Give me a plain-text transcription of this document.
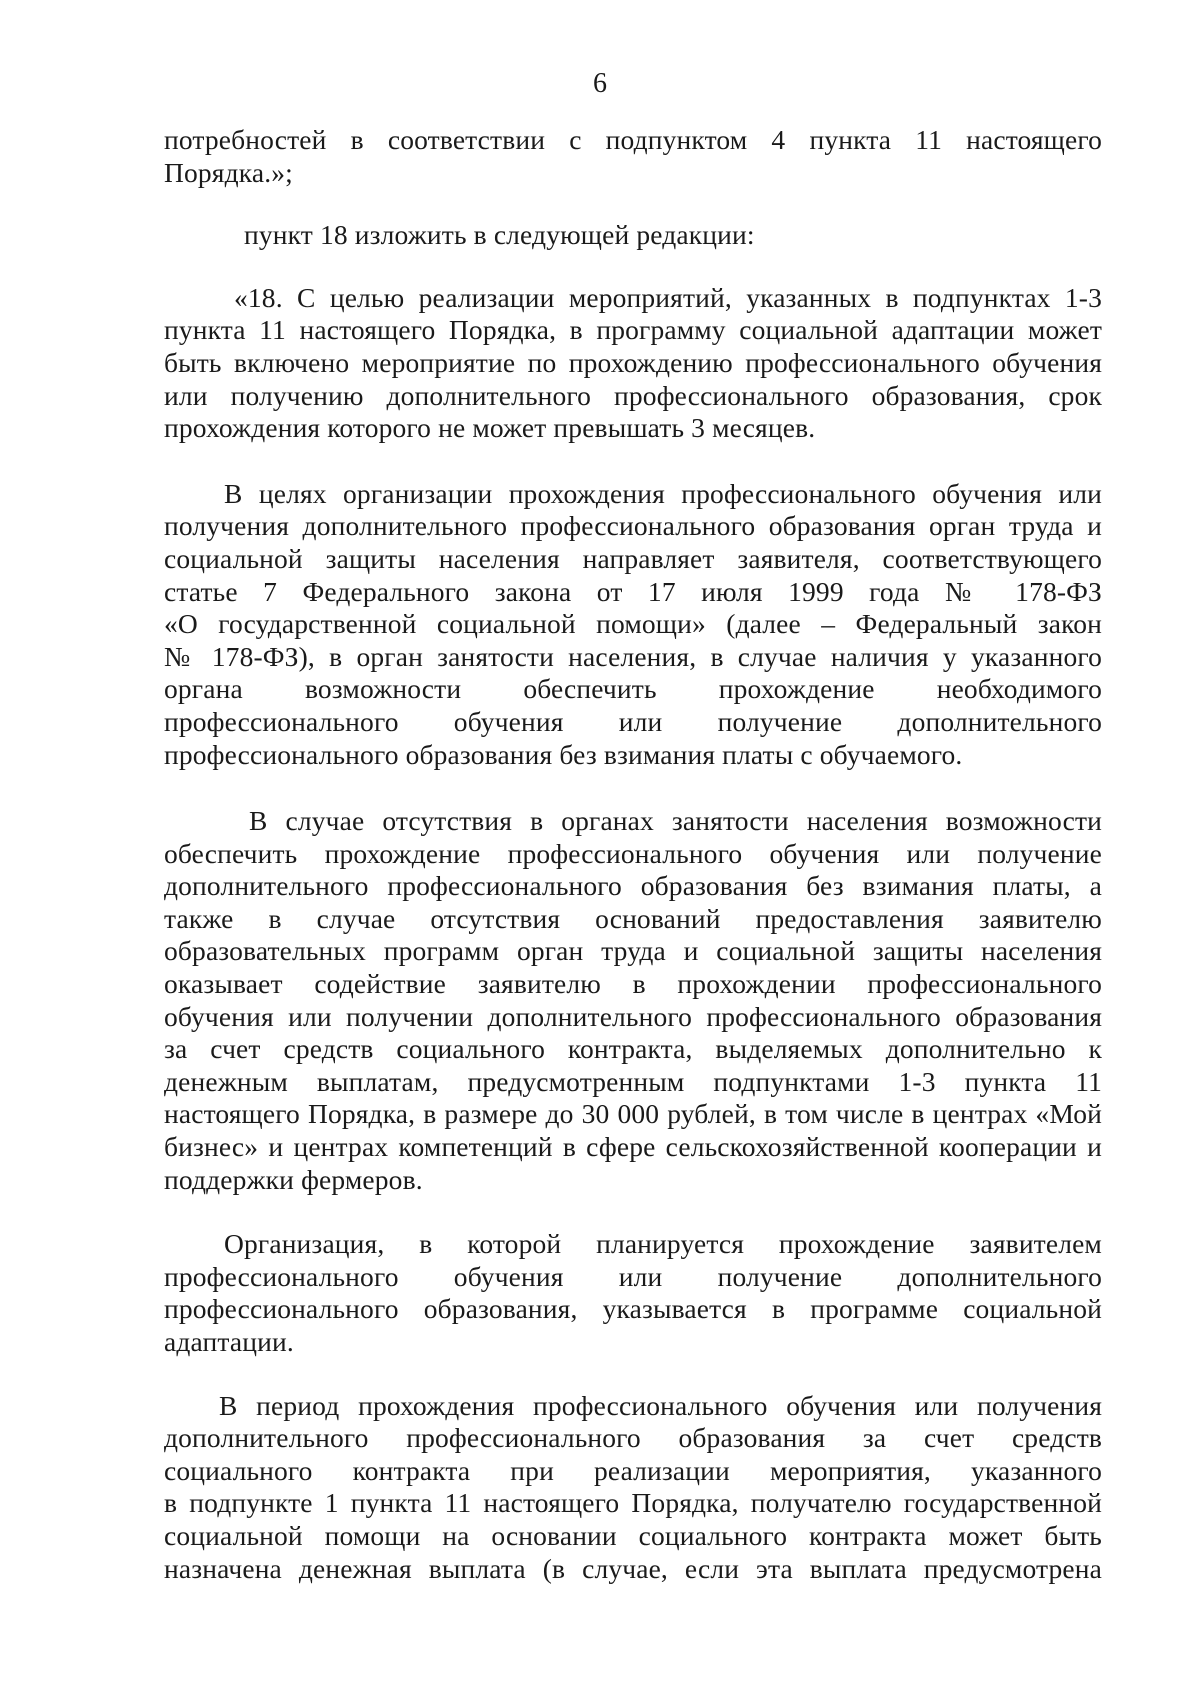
6
потребностей в соответствии с подпунктом 4 пункта 11 настоящего
Порядка.»;
пункт 18 изложить в следующей редакции:
«18. С целью реализации мероприятий, указанных в подпунктах 1-3
пункта 11 настоящего Порядка, в программу социальной адаптации может
быть включено мероприятие по прохождению профессионального обучения
или получению дополнительного профессионального образования, срок
прохождения которого не может превышать 3 месяцев.
В целях организации прохождения профессионального обучения или
получения дополнительного профессионального образования орган труда и
социальной защиты населения направляет заявителя, соответствующего
статье 7 Федерального закона от 17 июля 1999 года № 178-ФЗ
«О государственной социальной помощи» (далее – Федеральный закон
№ 178-ФЗ), в орган занятости населения, в случае наличия у указанного
органа возможности обеспечить прохождение необходимого
профессионального обучения или получение дополнительного
профессионального образования без взимания платы с обучаемого.
В случае отсутствия в органах занятости населения возможности
обеспечить прохождение профессионального обучения или получение
дополнительного профессионального образования без взимания платы, а
также в случае отсутствия оснований предоставления заявителю
образовательных программ орган труда и социальной защиты населения
оказывает содействие заявителю в прохождении профессионального
обучения или получении дополнительного профессионального образования
за счет средств социального контракта, выделяемых дополнительно к
денежным выплатам, предусмотренным подпунктами 1-3 пункта 11
настоящего Порядка, в размере до 30 000 рублей, в том числе в центрах «Мой
бизнес» и центрах компетенций в сфере сельскохозяйственной кооперации и
поддержки фермеров.
Организация, в которой планируется прохождение заявителем
профессионального обучения или получение дополнительного
профессионального образования, указывается в программе социальной
адаптации.
В период прохождения профессионального обучения или получения
дополнительного профессионального образования за счет средств
социального контракта при реализации мероприятия, указанного
в подпункте 1 пункта 11 настоящего Порядка, получателю государственной
социальной помощи на основании социального контракта может быть
назначена денежная выплата (в случае, если эта выплата предусмотрена
